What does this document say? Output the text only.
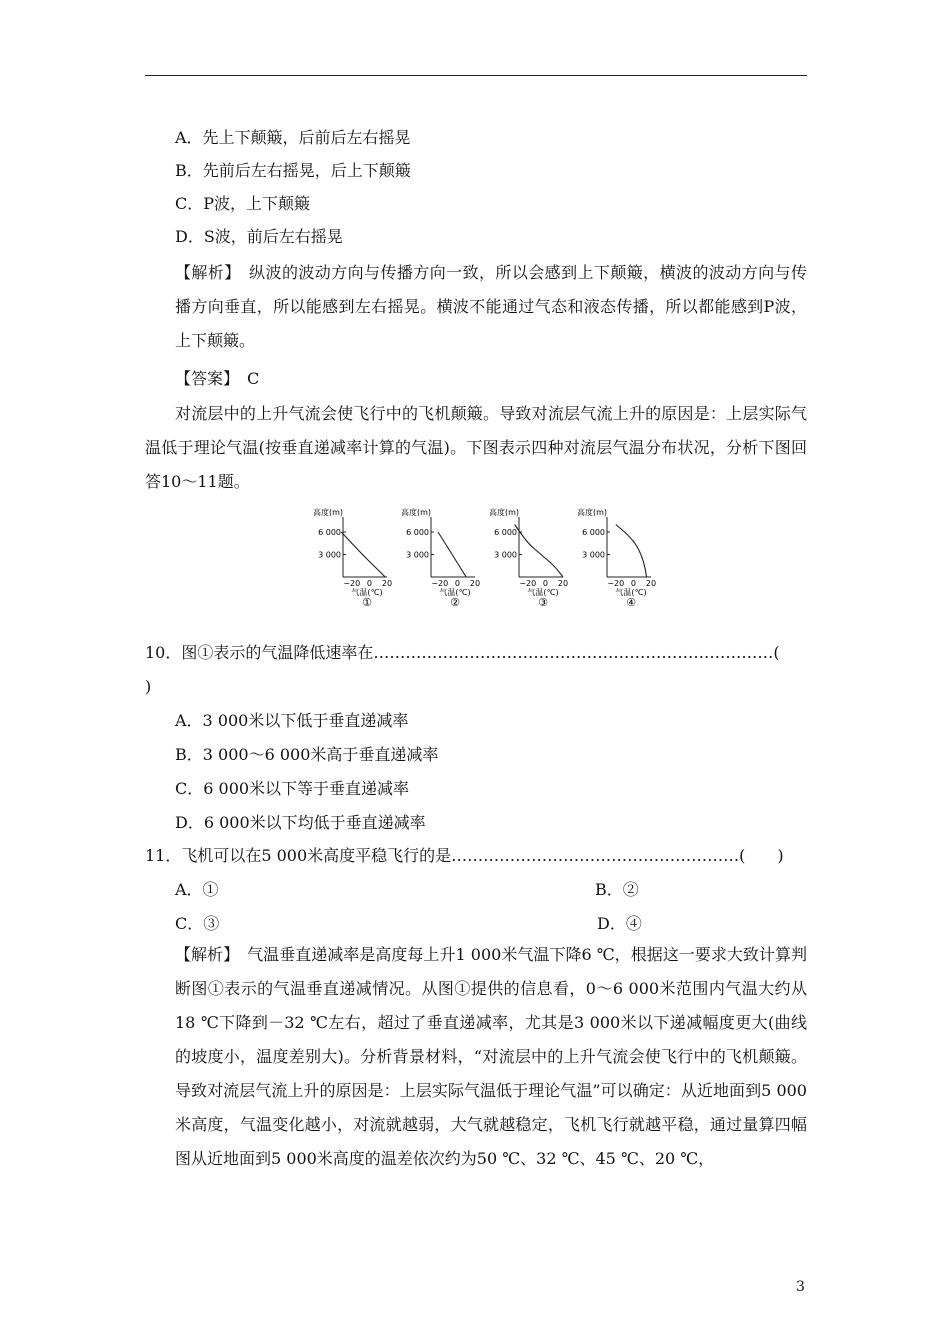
A．先上下颠簸，后前后左右摇晃
B．先前后左右摇晃，后上下颠簸
C．P波，上下颠簸
D．S波，前后左右摇晃
【解析】　 纵波的波动方向与传播方向一致，所以会感到上下颠簸，横波的波动方向与传播方向垂直，所以能感到左右摇晃。横波不能通过气态和液态传播，所以都能感到P波，上下颠簸。
【答案】　 C
对流层中的上升气流会使飞行中的飞机颠簸。导致对流层气流上升的原因是：上层实际气温低于理论气温(按垂直递减率计算的气温)。下图表示四种对流层气温分布状况，分析下图回答10～11题。
高度(m)
6 000
3 000
−20 0 20
气温(℃)
①
高度(m)
6 000
3 000
−20 0 20
气温(℃)
②
高度(m)
6 000
3 000
−20 0 20
气温(℃)
③
高度(m)
6 000
3 000
−20 0 20
气温(℃)
④
10．图①表示的气温降低速率在…………………………………………………………………(
)
A．3 000米以下低于垂直递减率
B．3 000～6 000米高于垂直递减率
C．6 000米以下等于垂直递减率
D．6 000米以下均低于垂直递减率
11．飞机可以在5 000米高度平稳飞行的是………………………………………………(　　)
A．①	B．②
C．③	D．④
【解析】　 气温垂直递减率是高度每上升1 000米气温下降6 ℃，根据这一要求大致计算判断图①表示的气温垂直递减情况。从图①提供的信息看，0～6 000米范围内气温大约从18 ℃下降到－32 ℃左右，超过了垂直递减率，尤其是3 000米以下递减幅度更大(曲线的坡度小，温度差别大)。分析背景材料，“对流层中的上升气流会使飞行中的飞机颠簸。导致对流层气流上升的原因是：上层实际气温低于理论气温”可以确定：从近地面到5 000米高度，气温变化越小，对流就越弱，大气就越稳定，飞机飞行就越平稳，通过量算四幅图从近地面到5 000米高度的温差依次约为50 ℃、32 ℃、45 ℃、20 ℃，
3
